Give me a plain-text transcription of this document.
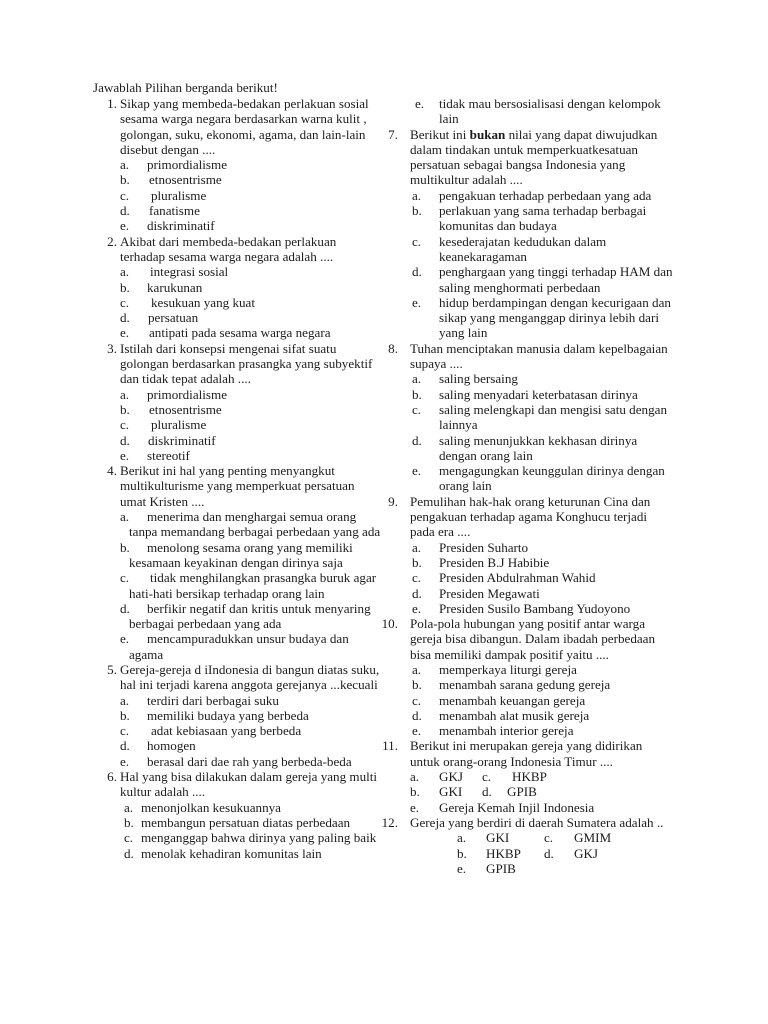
Jawablah Pilihan berganda berikut!
1. Sikap yang membeda-bedakan perlakuan sosial sesama warga negara berdasarkan warna kulit , golongan, suku, ekonomi, agama, dan lain-lain disebut dengan ....
a. primordialisme
b. etnosentrisme
c. pluralisme
d. fanatisme
e. diskriminatif
2. Akibat dari membeda-bedakan perlakuan terhadap sesama warga negara adalah ....
a. integrasi sosial
b. karukunan
c. kesukuan yang kuat
d. persatuan
e. antipati pada sesama warga negara
3. Istilah dari konsepsi mengenai sifat suatu golongan berdasarkan prasangka yang subyektif dan tidak tepat adalah ....
a. primordialisme
b. etnosentrisme
c. pluralisme
d. diskriminatif
e. stereotif
4. Berikut ini hal yang penting menyangkut multikulturisme yang memperkuat persatuan umat Kristen ....
a.	menerima dan menghargai semua orang tanpa memandang berbagai perbedaan yang ada
b.	menolong sesama orang yang memiliki kesamaan keyakinan dengan dirinya saja
c.	tidak menghilangkan prasangka buruk agar hati-hati bersikap terhadap orang lain
d.	berfikir negatif dan kritis untuk menyaring berbagai perbedaan yang ada
e.	mencampuradukkan unsur budaya dan agama
5. Gereja-gereja d iIndonesia di bangun diatas suku, hal ini terjadi karena anggota gerejanya ...kecuali
a. terdiri dari berbagai suku
b. memiliki budaya yang berbeda
c. adat kebiasaan yang berbeda
d. homogen
e. berasal dari dae rah yang berbeda-beda
6. Hal yang bisa dilakukan dalam gereja yang multi kultur adalah ....
a. menonjolkan kesukuannya
b. membangun persatuan diatas perbedaan
c. menganggap bahwa dirinya yang paling baik
d. menolak kehadiran komunitas lain
e. tidak mau bersosialisasi dengan kelompok lain
7. Berikut ini bukan nilai yang dapat diwujudkan dalam tindakan untuk memperkuatkesatuan persatuan sebagai bangsa Indonesia yang multikultur adalah ....
a. pengakuan terhadap perbedaan yang ada
b. perlakuan yang sama terhadap berbagai komunitas dan budaya
c. kesederajatan kedudukan dalam keanekaragaman
d. penghargaan yang tinggi terhadap HAM dan saling menghormati perbedaan
e. hidup berdampingan dengan kecurigaan dan sikap yang menganggap dirinya lebih dari yang lain
8. Tuhan menciptakan manusia dalam kepelbagaian supaya ....
a. saling bersaing
b. saling menyadari keterbatasan dirinya
c. saling melengkapi dan mengisi satu dengan lainnya
d. saling menunjukkan kekhasan dirinya dengan orang lain
e. mengagungkan keunggulan dirinya dengan orang lain
9. Pemulihan hak-hak orang keturunan Cina dan pengakuan terhadap agama Konghucu terjadi pada era ....
a. Presiden Suharto
b. Presiden B.J Habibie
c. Presiden Abdulrahman Wahid
d. Presiden Megawati
e. Presiden Susilo Bambang Yudoyono
10. Pola-pola hubungan yang positif antar warga gereja bisa dibangun. Dalam ibadah perbedaan bisa memiliki dampak positif yaitu ....
a. memperkaya liturgi gereja
b. menambah sarana gedung gereja
c. menambah keuangan gereja
d. menambah alat musik gereja
e. menambah interior gereja
11. Berikut ini merupakan gereja yang didirikan untuk orang-orang Indonesia Timur ....
a.	GKJ	c.	HKBP
b.	GKI	d.	GPIB
e.	Gereja Kemah Injil Indonesia
12. Gereja yang berdiri di daerah Sumatera adalah ..
a.	GKI	c.	GMIM
b.	HKBP	d.	GKJ
e.	GPIB
